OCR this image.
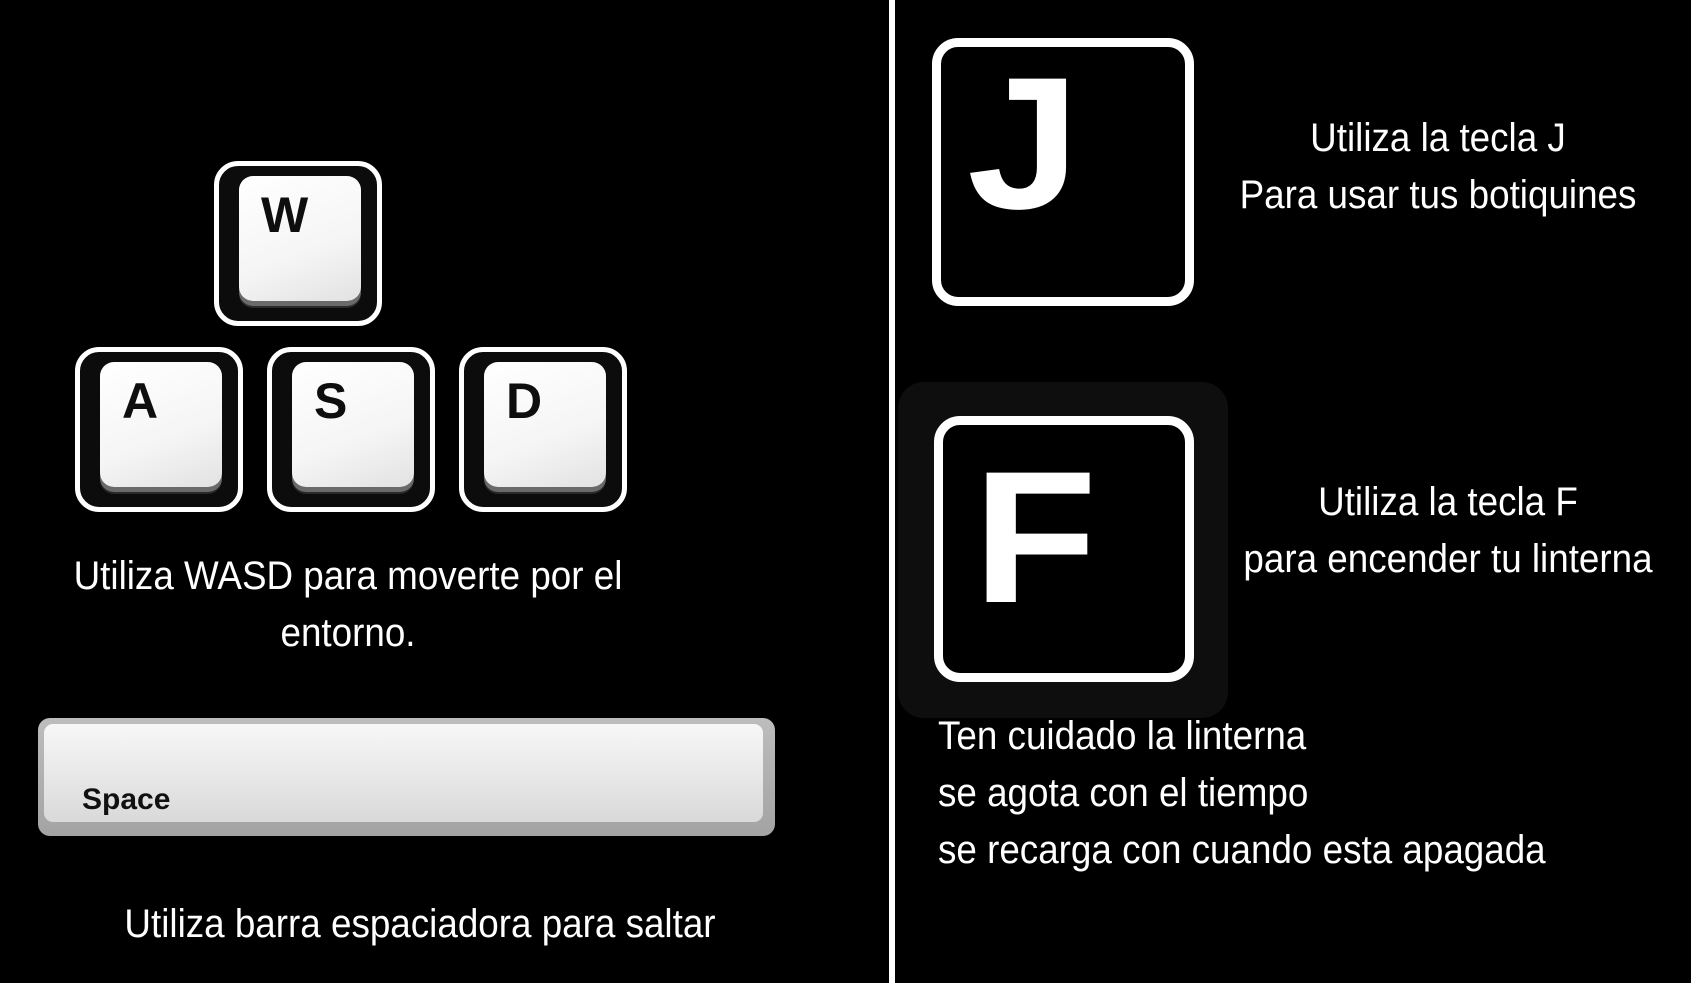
W
A	S	D
Utiliza WASD para moverte por el
entorno.
Space
Utiliza barra espaciadora para saltar
J	Utiliza la tecla J
Para usar tus botiquines
F	Utiliza la tecla F
para encender tu linterna
Ten cuidado la linterna
se agota con el tiempo
se recarga con cuando esta apagada
